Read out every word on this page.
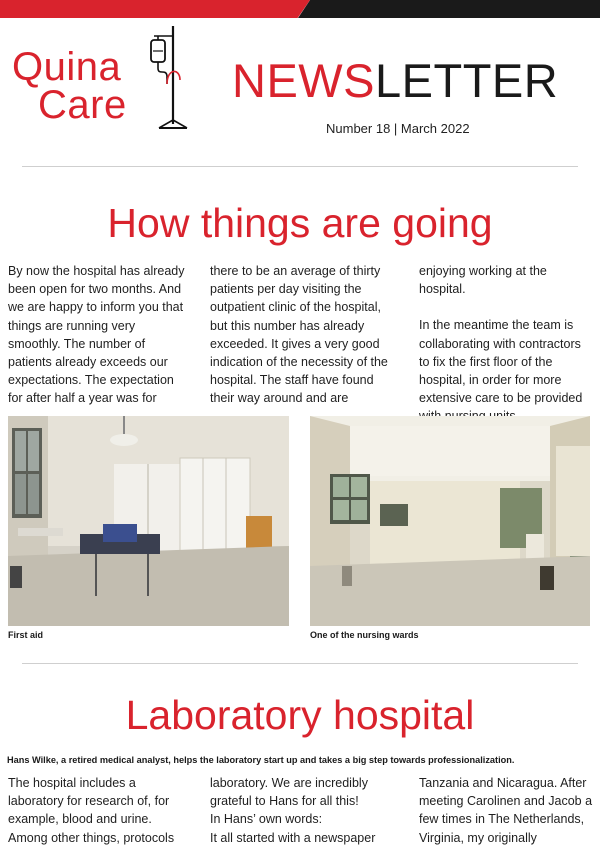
Quina
Care NEWSLETTER
Number 18 | March 2022
How things are going

By now the hospital has already been open for two months. And we are happy to inform you that things are running very smoothly. The number of patients already exceeds our expectations. The expectation for after half a year was for

there to be an average of thirty patients per day visiting the outpatient clinic of the hospital, but this number has already exceeded. It gives a very good indication of the necessity of the hospital. The staff have found their way around and are

enjoying working at the hospital.

In the meantime the team is collaborating with contractors to fix the first floor of the hospital, in order for more extensive care to be provided

First aid	One of the nursing wards
Laboratory hospital
Hans Wilke, a retired medical analyst, helps the laboratory start up and takes a big step towards professionalization.

The hospital includes a laboratory for research of, for example, blood and urine. Among other things, protocols

laboratory. We are incredibly grateful to Hans for all this!

In Hans’ own words:

It all started with a newspaper

Tanzania and Nicaragua. After meeting Carolinen and Jacob a few times in The Netherlands, Virginia, my originally
